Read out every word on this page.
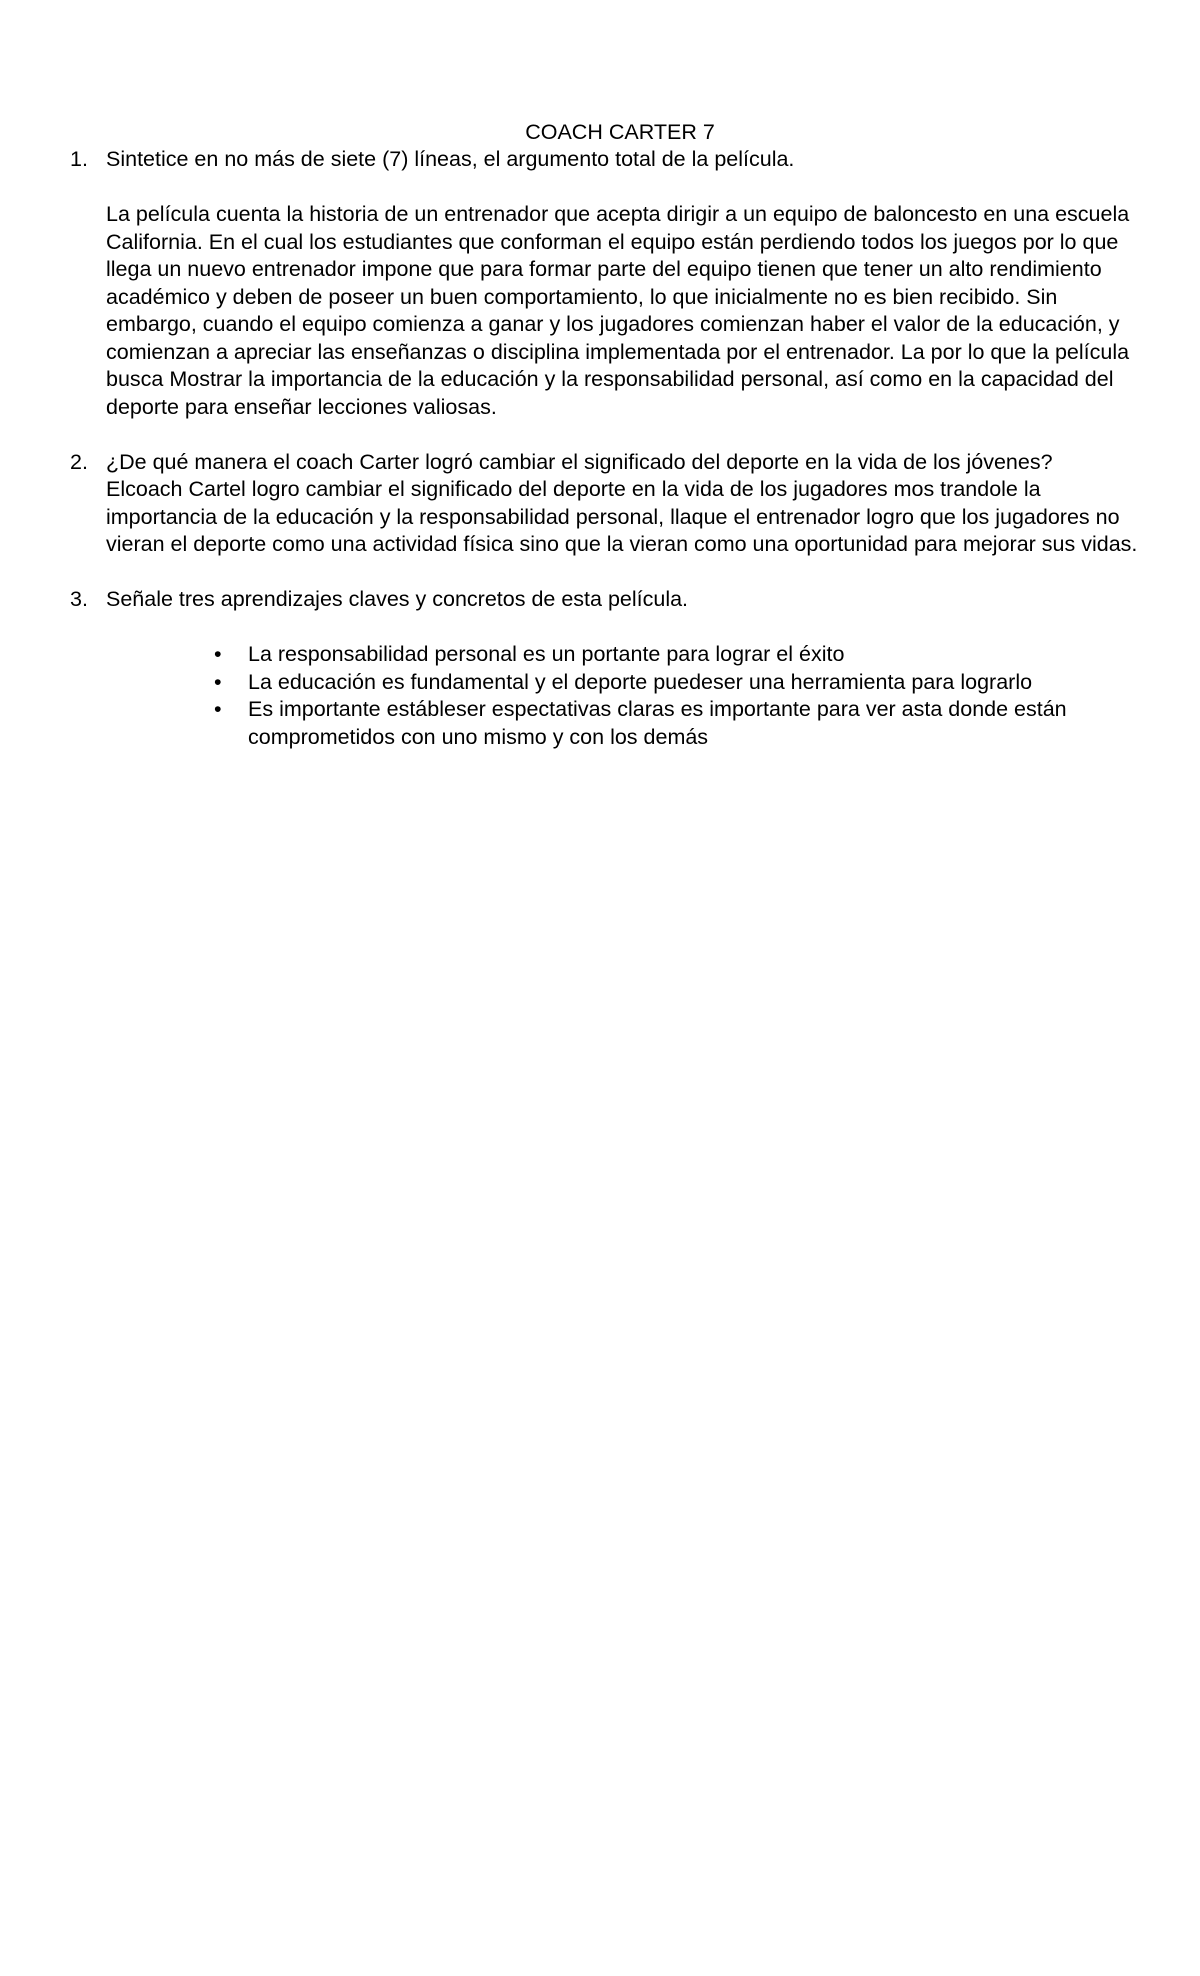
COACH CARTER 7
1. Sintetice en no más de siete (7) líneas, el argumento total de la película.
La película cuenta la historia de un entrenador que acepta dirigir a un equipo de baloncesto en una escuela California. En el cual los estudiantes que conforman el equipo están perdiendo todos los juegos por lo que llega un nuevo entrenador impone que para formar parte del equipo tienen que tener un alto rendimiento académico y deben de poseer un buen comportamiento, lo que inicialmente no es bien recibido. Sin embargo, cuando el equipo comienza a ganar y los jugadores comienzan haber el valor de la educación, y comienzan a apreciar las enseñanzas o disciplina implementada por el entrenador. La por lo que la película busca Mostrar la importancia de la educación y la responsabilidad personal, así como en la capacidad del deporte para enseñar lecciones valiosas.
2. ¿De qué manera el coach Carter logró cambiar el significado del deporte en la vida de los jóvenes?
Elcoach Cartel logro cambiar el significado del deporte en la vida de los jugadores mos trandole la importancia de la educación y la responsabilidad personal, llaque el entrenador logro que los jugadores no vieran el deporte como una actividad física sino que la vieran como una oportunidad para mejorar sus vidas.
3. Señale tres aprendizajes claves y concretos de esta película.
• La responsabilidad personal es un portante para lograr el éxito
• La educación es fundamental y el deporte puedeser una herramienta para lograrlo
• Es importante estábleser espectativas claras es importante para ver asta donde están comprometidos con uno mismo y con los demás
